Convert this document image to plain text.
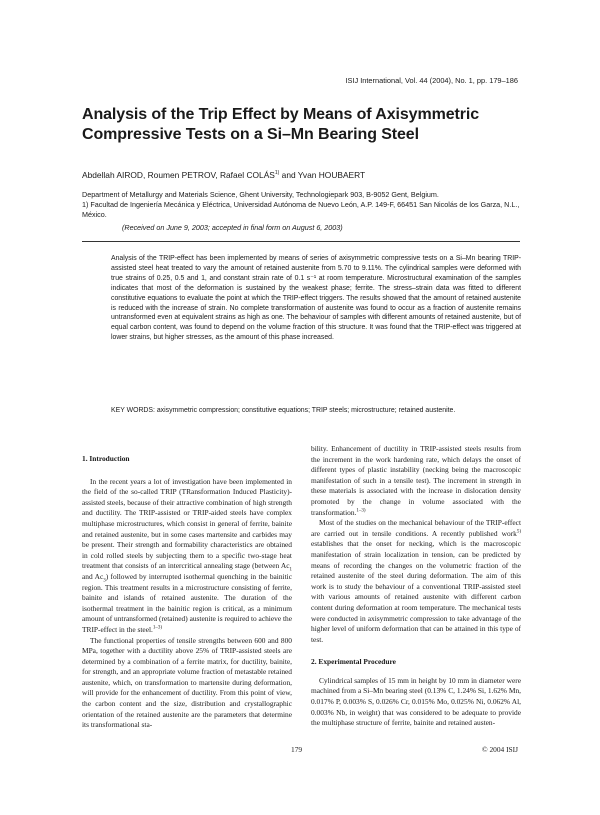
ISIJ International, Vol. 44 (2004), No. 1, pp. 179–186
Analysis of the Trip Effect by Means of Axisymmetric
Compressive Tests on a Si–Mn Bearing Steel
Abdellah AIROD, Roumen PETROV, Rafael COLÁS$^{1)}$ and Yvan HOUBAERT

Department of Metallurgy and Materials Science, Ghent University, Technologiepark 903, B-9052 Gent, Belgium.

1) Facultad de Ingeniería Mecánica y Eléctrica, Universidad Autónoma de Nuevo León, A.P. 149-F, 66451 San Nicolás de los Garza, N.L., México.

(Received on June 9, 2003; accepted in final form on August 6, 2003)

Analysis of the TRIP-effect has been implemented by means of series of axisymmetric compressive tests on a Si–Mn bearing TRIP-assisted steel heat treated to vary the amount of retained austenite from 5.70 to 9.11%. The cylindrical samples were deformed with true strains of 0.25, 0.5 and 1, and constant strain rate of 0.1 s⁻¹ at room temperature. Microstructural examination of the samples indicates that most of the deformation is sustained by the weakest phase; ferrite. The stress–strain data was fitted to different constitutive equations to evaluate the point at which the TRIP-effect triggers. The results showed that the amount of retained austenite is reduced with the increase of strain. No complete transformation of austenite was found to occur as a fraction of austenite remains untransformed even at equivalent strains as high as one. The behaviour of samples with different amounts of retained austenite, but of equal carbon content, was found to depend on the volume fraction of this structure. It was found that the TRIP-effect was triggered at lower strains, but higher stresses, as the amount of this phase increased.

KEY WORDS: axisymmetric compression; constitutive equations; TRIP steels; microstructure; retained austenite.

1. Introduction

In the recent years a lot of investigation have been implemented in the field of the so-called TRIP (TRansformation Induced Plasticity)-assisted steels, because of their attractive combination of high strength and ductility. The TRIP-assisted or TRIP-aided steels have complex multiphase microstructures, which consist in general of ferrite, bainite and retained austenite, but in some cases martensite and carbides may be present. Their strength and formability characteristics are obtained in cold rolled steels by subjecting them to a specific two-stage heat treatment that consists of an intercritical annealing stage (between $Ac_1$ and $Ac_3$) followed by interrupted isothermal quenching in the bainitic region. This treatment results in a microstructure consisting of ferrite, bainite and islands of retained austenite. The duration of the isothermal treatment in the bainitic region is critical, as a minimum amount of untransformed (retained) austenite is required to achieve the TRIP-effect in the steel.$^{1-3)}$

The functional properties of tensile strengths between 600 and 800 MPa, together with a ductility above 25% of TRIP-assisted steels are determined by a combination of a ferrite matrix, for ductility, bainite, for strength, and an appropriate volume fraction of metastable retained austenite, which, on transformation to martensite during deformation, will provide for the enhancement of ductility. From this point of view, the carbon content and the size, distribution and crystallographic orientation of the retained austenite are the parameters that determine its transformational sta-

bility. Enhancement of ductility in TRIP-assisted steels results from the increment in the work hardening rate, which delays the onset of different types of plastic instability (necking being the macroscopic manifestation of such in a tensile test). The increment in strength in these materials is associated with the increase in dislocation density promoted by the change in volume associated with the transformation.$^{1-3)}$

Most of the studies on the mechanical behaviour of the TRIP-effect are carried out in tensile conditions. A recently published work$^{5)}$ establishes that the onset for necking, which is the macroscopic manifestation of strain localization in tension, can be predicted by means of recording the changes on the volumetric fraction of the retained austenite of the steel during deformation. The aim of this work is to study the behaviour of a conventional TRIP-assisted steel with various amounts of retained austenite with different carbon content during deformation at room temperature. The mechanical tests were conducted in axisymmetric compression to take advantage of the higher level of uniform deformation that can be attained in this type of test.

2. Experimental Procedure

Cylindrical samples of 15 mm in height by 10 mm in diameter were machined from a Si–Mn bearing steel (0.13% C, 1.24% Si, 1.62% Mn, 0.017% P, 0.003% S, 0.026% Cr, 0.015% Mo, 0.025% Ni, 0.062% Al, 0.003% Nb, in weight) that was considered to be adequate to provide the multiphase structure of ferrite, bainite and retained austen-

179	© 2004 ISIJ
